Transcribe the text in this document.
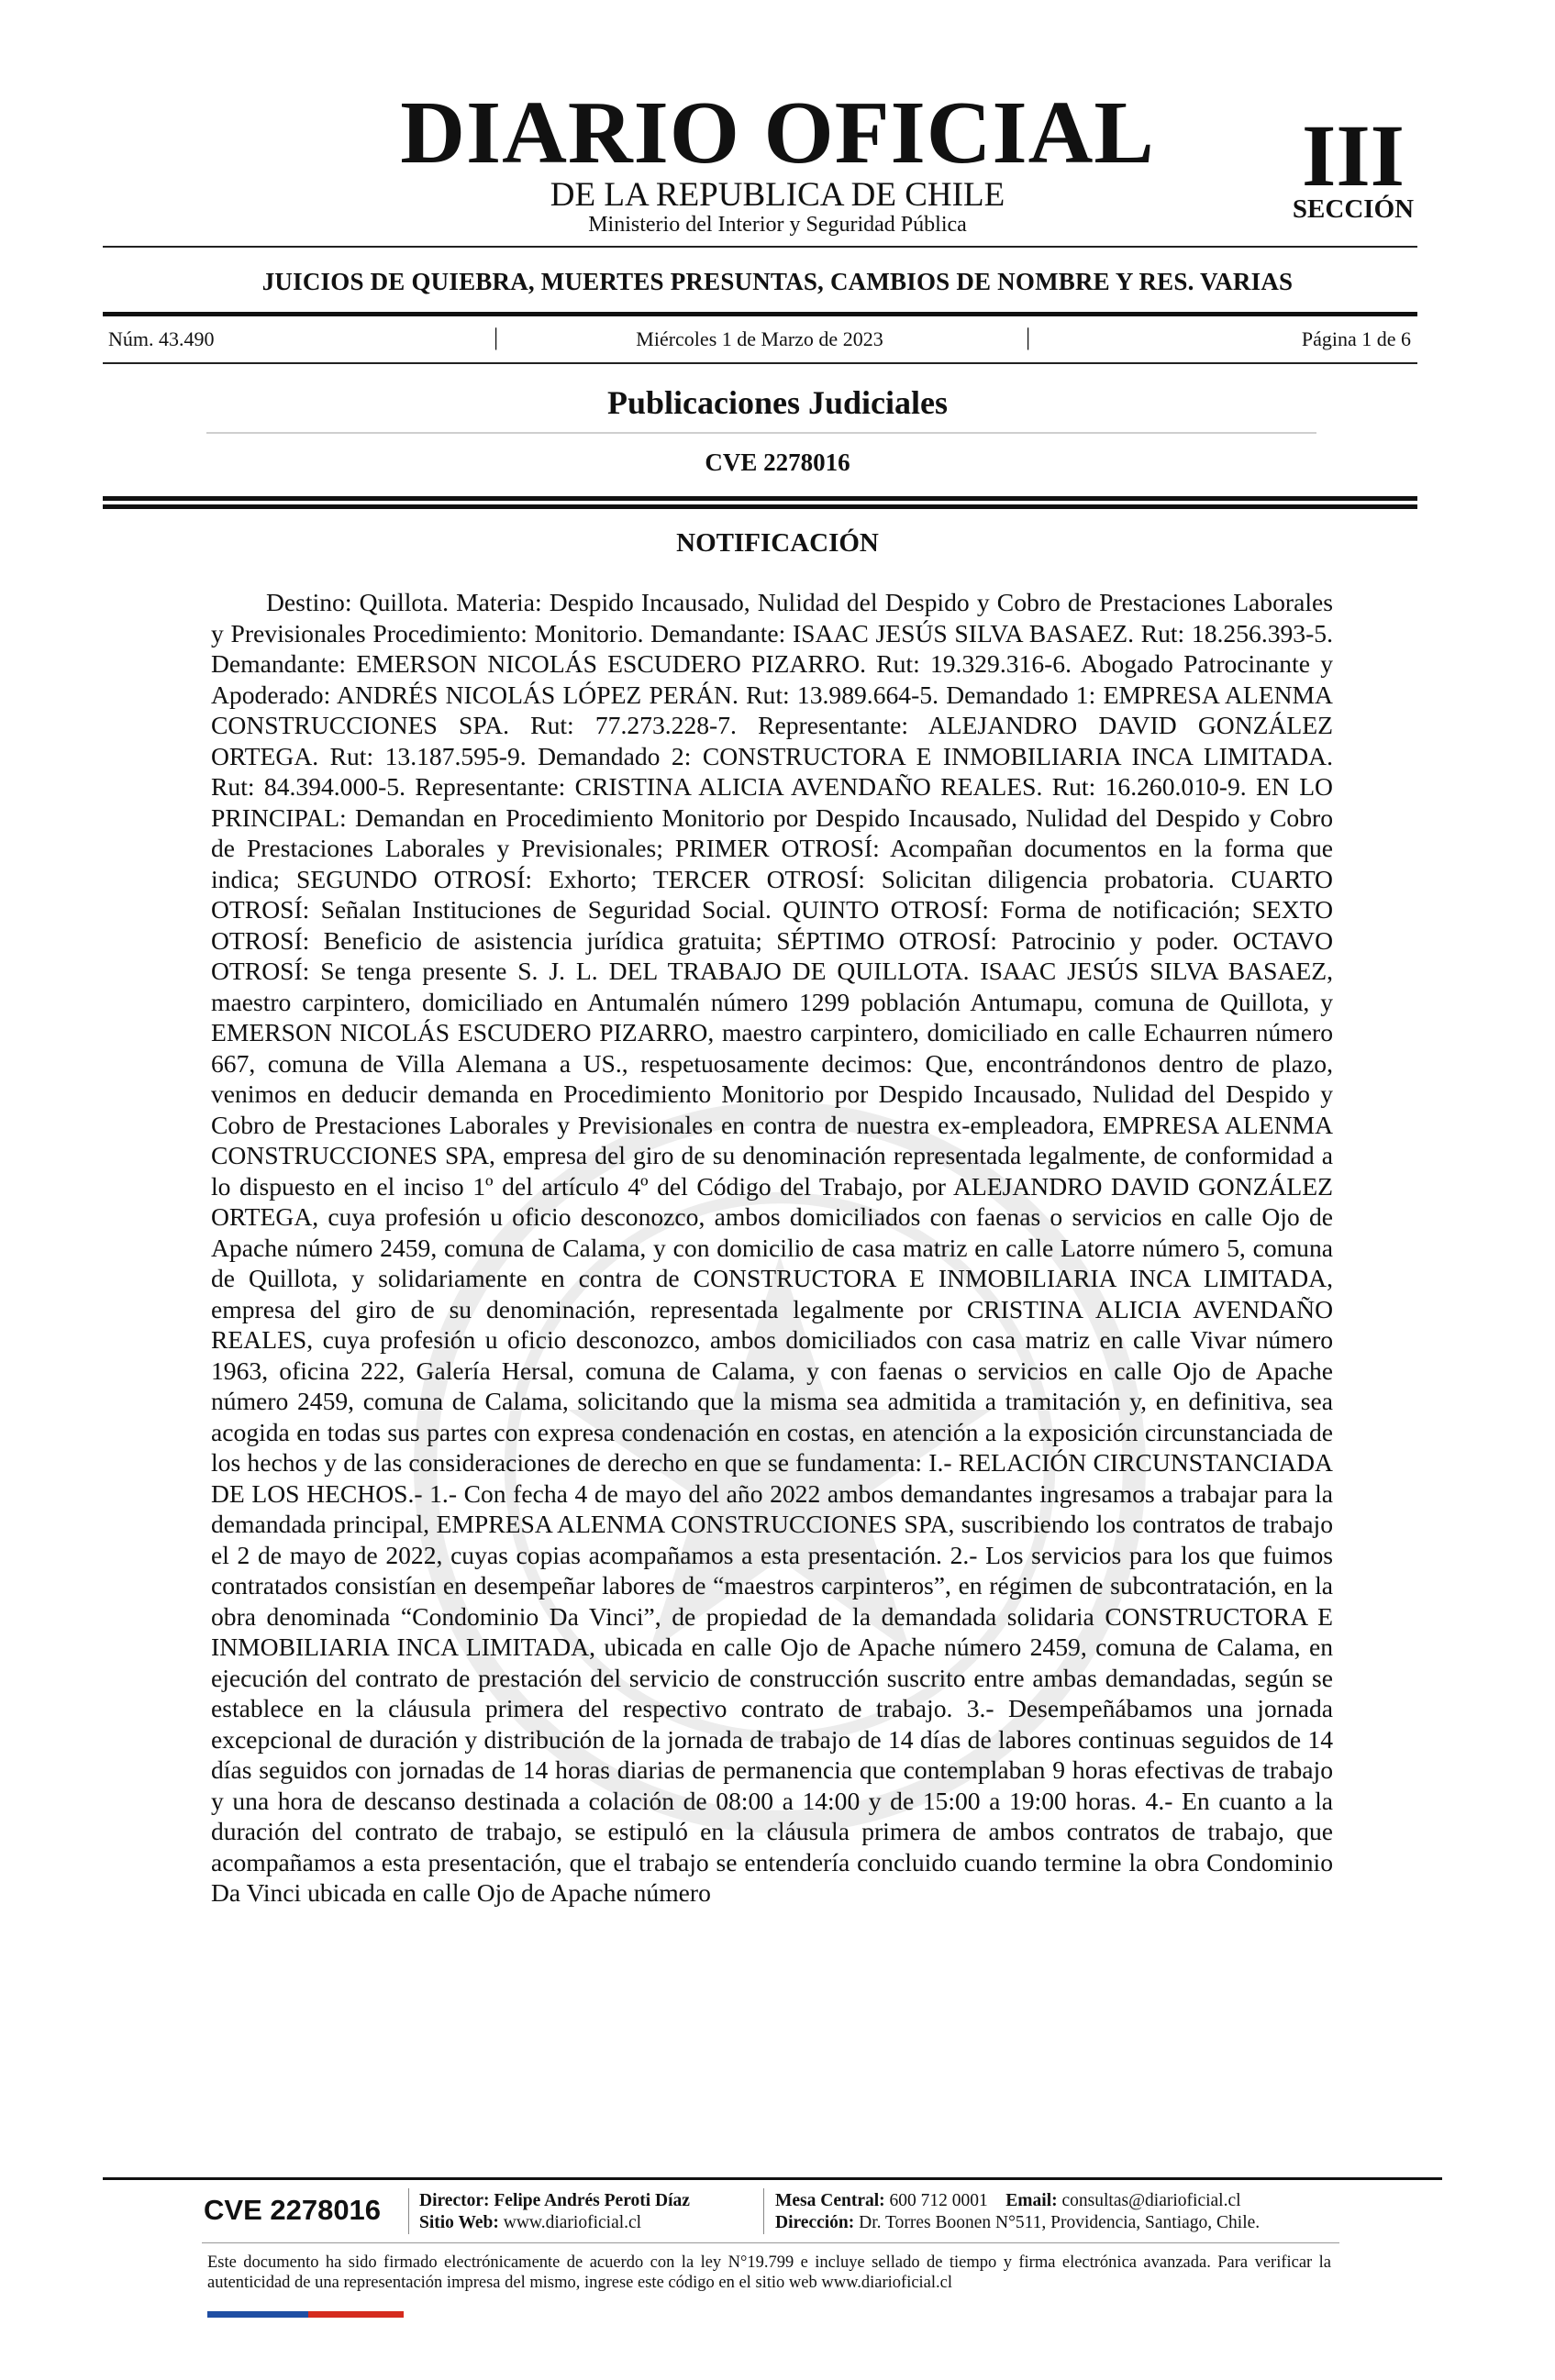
DIARIO OFICIAL
DE LA REPUBLICA DE CHILE
Ministerio del Interior y Seguridad Pública
III
SECCIÓN
JUICIOS DE QUIEBRA, MUERTES PRESUNTAS, CAMBIOS DE NOMBRE Y RES. VARIAS
Núm. 43.490	Miércoles 1 de Marzo de 2023
|	|	Página 1 de 6
Publicaciones Judiciales
CVE 2278016
NOTIFICACIÓN

Destino: Quillota. Materia: Despido Incausado, Nulidad del Despido y Cobro de Prestaciones Laborales y Previsionales Procedimiento: Monitorio. Demandante: ISAAC JESÚS SILVA BASAEZ. Rut: 18.256.393-5. Demandante: EMERSON NICOLÁS ESCUDERO PIZARRO. Rut: 19.329.316-6. Abogado Patrocinante y Apoderado: ANDRÉS NICOLÁS LÓPEZ PERÁN. Rut: 13.989.664-5. Demandado 1: EMPRESA ALENMA CONSTRUCCIONES SPA. Rut: 77.273.228-7. Representante: ALEJANDRO DAVID GONZÁLEZ ORTEGA. Rut: 13.187.595-9. Demandado 2: CONSTRUCTORA E INMOBILIARIA INCA LIMITADA. Rut: 84.394.000-5. Representante: CRISTINA ALICIA AVENDAÑO REALES. Rut: 16.260.010-9. EN LO PRINCIPAL: Demandan en Procedimiento Monitorio por Despido Incausado, Nulidad del Despido y Cobro de Prestaciones Laborales y Previsionales; PRIMER OTROSÍ: Acompañan documentos en la forma que indica; SEGUNDO OTROSÍ: Exhorto; TERCER OTROSÍ: Solicitan diligencia probatoria. CUARTO OTROSÍ: Señalan Instituciones de Seguridad Social. QUINTO OTROSÍ: Forma de notificación; SEXTO OTROSÍ: Beneficio de asistencia jurídica gratuita; SÉPTIMO OTROSÍ: Patrocinio y poder. OCTAVO OTROSÍ: Se tenga presente S. J. L. DEL TRABAJO DE QUILLOTA. ISAAC JESÚS SILVA BASAEZ, maestro carpintero, domiciliado en Antumalén número 1299 población Antumapu, comuna de Quillota, y EMERSON NICOLÁS ESCUDERO PIZARRO, maestro carpintero, domiciliado en calle Echaurren número 667, comuna de Villa Alemana a US., respetuosamente decimos: Que, encontrándonos dentro de plazo, venimos en deducir demanda en Procedimiento Monitorio por Despido Incausado, Nulidad del Despido y Cobro de Prestaciones Laborales y Previsionales en contra de nuestra ex-empleadora, EMPRESA ALENMA CONSTRUCCIONES SPA, empresa del giro de su denominación representada legalmente, de conformidad a lo dispuesto en el inciso 1º del artículo 4º del Código del Trabajo, por ALEJANDRO DAVID GONZÁLEZ ORTEGA, cuya profesión u oficio desconozco, ambos domiciliados con faenas o servicios en calle Ojo de Apache número 2459, comuna de Calama, y con domicilio de casa matriz en calle Latorre número 5, comuna de Quillota, y solidariamente en contra de CONSTRUCTORA E INMOBILIARIA INCA LIMITADA, empresa del giro de su denominación, representada legalmente por CRISTINA ALICIA AVENDAÑO REALES, cuya profesión u oficio desconozco, ambos domiciliados con casa matriz en calle Vivar número 1963, oficina 222, Galería Hersal, comuna de Calama, y con faenas o servicios en calle Ojo de Apache número 2459, comuna de Calama, solicitando que la misma sea admitida a tramitación y, en definitiva, sea acogida en todas sus partes con expresa condenación en costas, en atención a la exposición circunstanciada de los hechos y de las consideraciones de derecho en que se fundamenta: I.- RELACIÓN CIRCUNSTANCIADA DE LOS HECHOS.- 1.- Con fecha 4 de mayo del año 2022 ambos demandantes ingresamos a trabajar para la demandada principal, EMPRESA ALENMA CONSTRUCCIONES SPA, suscribiendo los contratos de trabajo el 2 de mayo de 2022, cuyas copias acompañamos a esta presentación. 2.- Los servicios para los que fuimos contratados consistían en desempeñar labores de “maestros carpinteros”, en régimen de subcontratación, en la obra denominada “Condominio Da Vinci”, de propiedad de la demandada solidaria CONSTRUCTORA E INMOBILIARIA INCA LIMITADA, ubicada en calle Ojo de Apache número 2459, comuna de Calama, en ejecución del contrato de prestación del servicio de construcción suscrito entre ambas demandadas, según se establece en la cláusula primera del respectivo contrato de trabajo. 3.- Desempeñábamos una jornada excepcional de duración y distribución de la jornada de trabajo de 14 días de labores continuas seguidos de 14 días seguidos con jornadas de 14 horas diarias de permanencia que contemplaban 9 horas efectivas de trabajo y una hora de descanso destinada a colación de 08:00 a 14:00 y de 15:00 a 19:00 horas. 4.- En cuanto a la duración del contrato de trabajo, se estipuló en la cláusula primera de ambos contratos de trabajo, que acompañamos a esta presentación, que el trabajo se entendería concluido cuando termine la obra Condominio Da Vinci ubicada en calle Ojo de Apache número

CVE 2278016	Director: Felipe Andrés Peroti Díaz
Sitio Web: www.diarioficial.cl
Mesa Central: 600 712 0001 Email: consultas@diarioficial.cl
Dirección: Dr. Torres Boonen N°511, Providencia, Santiago, Chile.
Este documento ha sido firmado electrónicamente de acuerdo con la ley N°19.799 e incluye sellado de tiempo y firma electrónica avanzada. Para verificar la autenticidad de una representación impresa del mismo, ingrese este código en el sitio web www.diarioficial.cl
